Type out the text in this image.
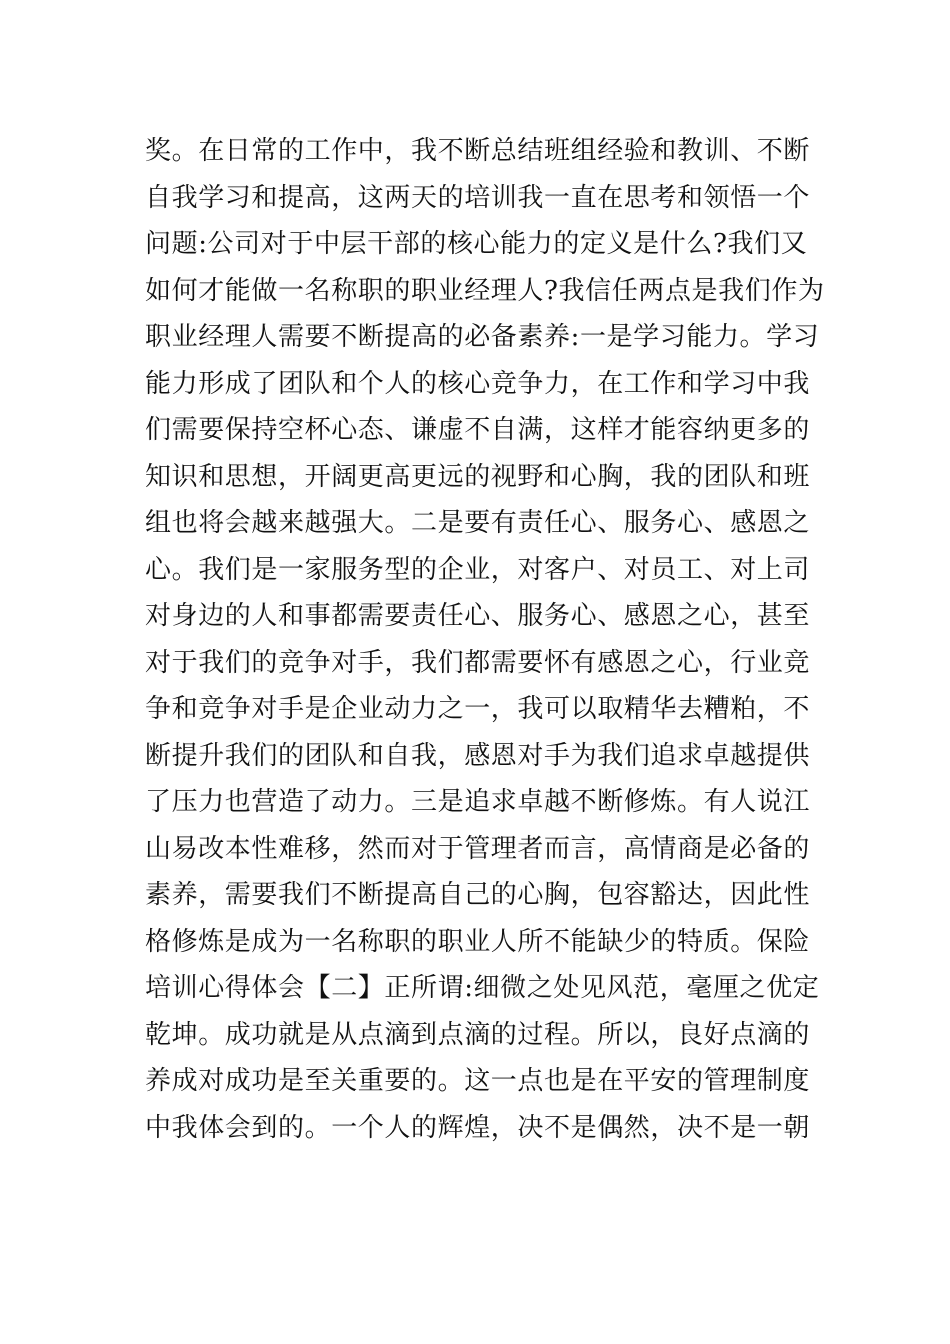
奖。在日常的工作中，我不断总结班组经验和教训、不断
自我学习和提高，这两天的培训我一直在思考和领悟一个
问题:公司对于中层干部的核心能力的定义是什么?我们又
如何才能做一名称职的职业经理人?我信任两点是我们作为
职业经理人需要不断提高的必备素养:一是学习能力。学习
能力形成了团队和个人的核心竞争力，在工作和学习中我
们需要保持空杯心态、谦虚不自满，这样才能容纳更多的
知识和思想，开阔更高更远的视野和心胸，我的团队和班
组也将会越来越强大。二是要有责任心、服务心、感恩之
心。我们是一家服务型的企业，对客户、对员工、对上司
对身边的人和事都需要责任心、服务心、感恩之心，甚至
对于我们的竞争对手，我们都需要怀有感恩之心，行业竞
争和竞争对手是企业动力之一，我可以取精华去糟粕，不
断提升我们的团队和自我，感恩对手为我们追求卓越提供
了压力也营造了动力。三是追求卓越不断修炼。有人说江
山易改本性难移，然而对于管理者而言，高情商是必备的
素养，需要我们不断提高自己的心胸，包容豁达，因此性
格修炼是成为一名称职的职业人所不能缺少的特质。保险
培训心得体会【二】正所谓:细微之处见风范，毫厘之优定
乾坤。成功就是从点滴到点滴的过程。所以，良好点滴的
养成对成功是至关重要的。这一点也是在平安的管理制度
中我体会到的。一个人的辉煌，决不是偶然，决不是一朝
